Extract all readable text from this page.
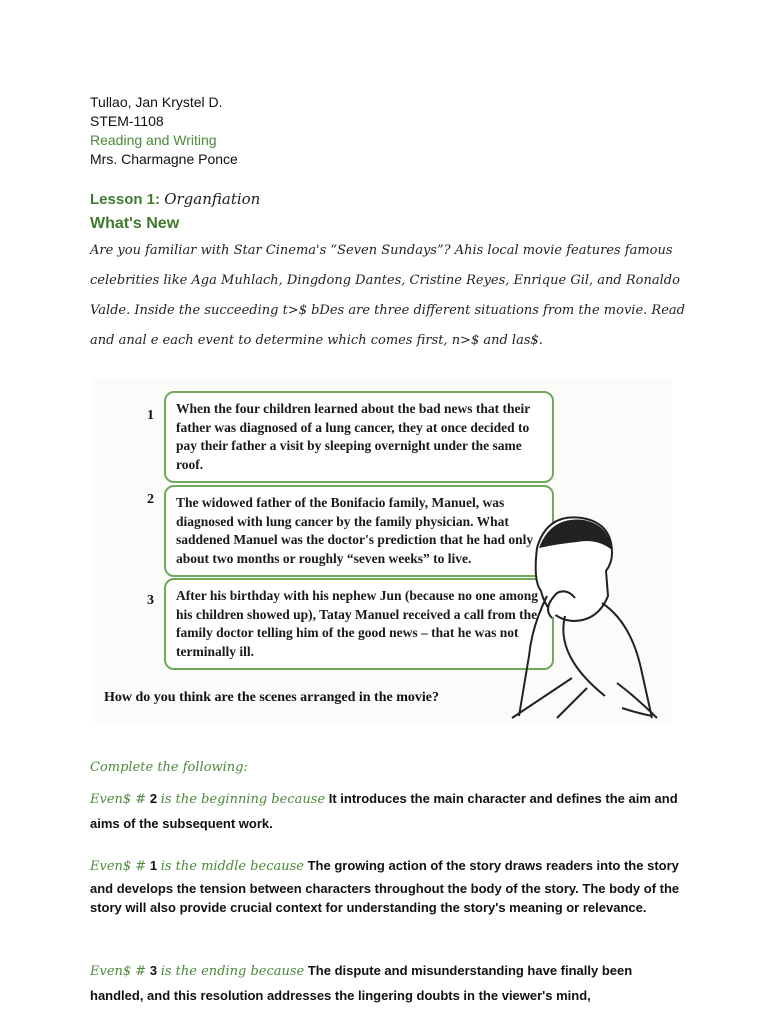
Tullao, Jan Krystel D.
STEM-1108
Reading and Writing
Mrs. Charmagne Ponce
Lesson 1: Organfiation
What's New
Are you familiar with Star Cinema's “Seven Sundays”? Ahis local movie features famous celebrities like Aga Muhlach, Dingdong Dantes, Cristine Reyes, Enrique Gil, and Ronaldo Valde. Inside the succeeding t>$ bDes are three different situations from the movie. Read and anal e each event to determine which comes first, n>$ and las$.
1	When the four children learned about the bad news that their father was diagnosed of a lung cancer, they at once decided to pay their father a visit by sleeping overnight under the same roof.
2	The widowed father of the Bonifacio family, Manuel, was diagnosed with lung cancer by the family physician. What saddened Manuel was the doctor's prediction that he had only about two months or roughly “seven weeks” to live.
3	After his birthday with his nephew Jun (because no one among his children showed up), Tatay Manuel received a call from the family doctor telling him of the good news – that he was not terminally ill.
How do you think are the scenes arranged in the movie?
Complete the following:
Even$ # 2 is the beginning because It introduces the main character and defines the aim and
aims of the subsequent work.
Even$ # 1 is the middle because The growing action of the story draws readers into the story
and develops the tension between characters throughout the body of the story. The body of the story will also provide crucial context for understanding the story's meaning or relevance.
Even$ # 3 is the ending because The dispute and misunderstanding have finally been
handled, and this resolution addresses the lingering doubts in the viewer's mind,
